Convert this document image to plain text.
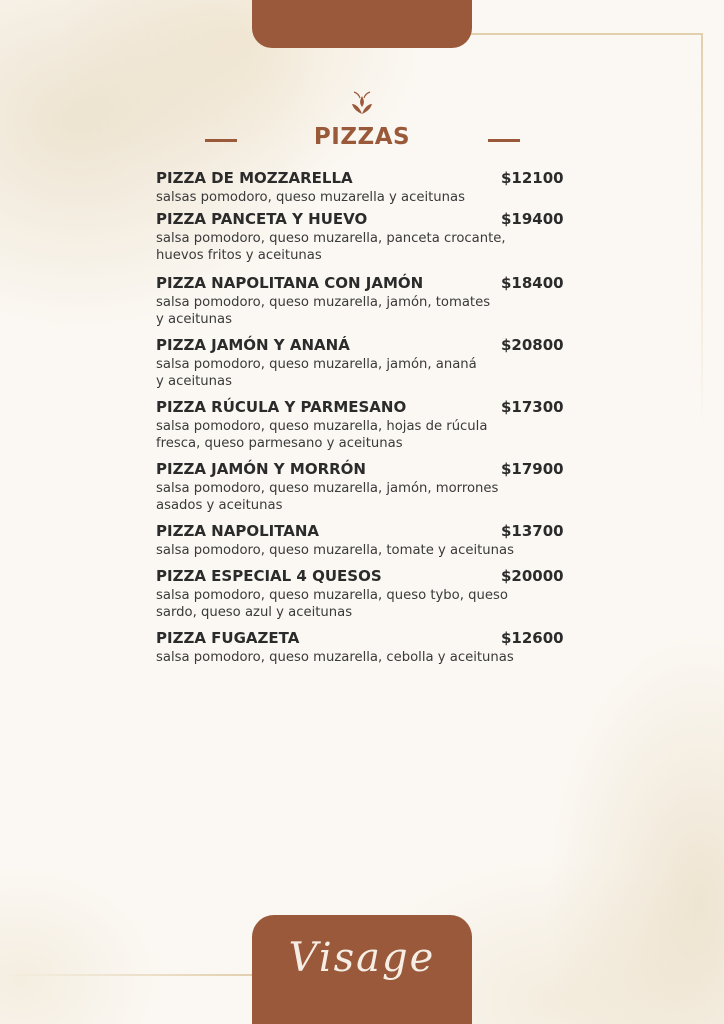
PIZZAS
PIZZA DE MOZZARELLA	$12100
salsas pomodoro, queso muzarella y aceitunas
PIZZA PANCETA Y HUEVO	$19400
salsa pomodoro, queso muzarella, panceta crocante,
huevos fritos y aceitunas
PIZZA NAPOLITANA CON JAMÓN	$18400
salsa pomodoro, queso muzarella, jamón, tomates
y aceitunas
PIZZA JAMÓN Y ANANÁ	$20800
salsa pomodoro, queso muzarella, jamón, ananá
y aceitunas
PIZZA RÚCULA Y PARMESANO	$17300
salsa pomodoro, queso muzarella, hojas de rúcula
fresca, queso parmesano y aceitunas
PIZZA JAMÓN Y MORRÓN	$17900
salsa pomodoro, queso muzarella, jamón, morrones
asados y aceitunas
PIZZA NAPOLITANA	$13700
salsa pomodoro, queso muzarella, tomate y aceitunas
PIZZA ESPECIAL 4 QUESOS	$20000
salsa pomodoro, queso muzarella, queso tybo, queso
sardo, queso azul y aceitunas
PIZZA FUGAZETA	$12600
salsa pomodoro, queso muzarella, cebolla y aceitunas
Visage
